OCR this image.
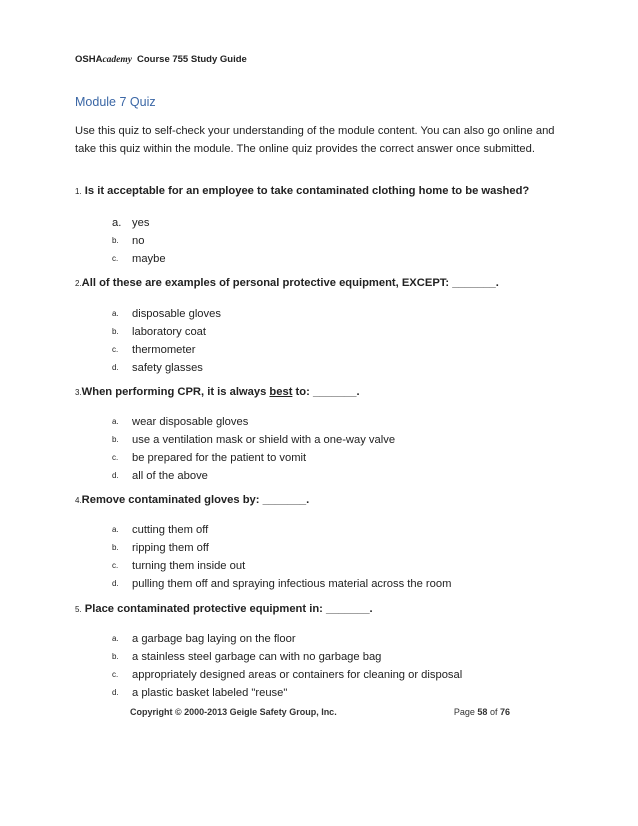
OSHAcademy Course 755 Study Guide
Module 7 Quiz
Use this quiz to self-check your understanding of the module content. You can also go online and take this quiz within the module. The online quiz provides the correct answer once submitted.
1. Is it acceptable for an employee to take contaminated clothing home to be washed?
a. yes
b. no
c. maybe
2.All of these are examples of personal protective equipment, EXCEPT: _______.
a. disposable gloves
b. laboratory coat
c. thermometer
d. safety glasses
3.When performing CPR, it is always best to: _______.
a. wear disposable gloves
b. use a ventilation mask or shield with a one-way valve
c. be prepared for the patient to vomit
d. all of the above
4.Remove contaminated gloves by: _______.
a. cutting them off
b. ripping them off
c. turning them inside out
d. pulling them off and spraying infectious material across the room
5. Place contaminated protective equipment in: _______.
a. a garbage bag laying on the floor
b. a stainless steel garbage can with no garbage bag
c. appropriately designed areas or containers for cleaning or disposal
d. a plastic basket labeled "reuse"
Copyright © 2000-2013 Geigle Safety Group, Inc.	Page 58 of 76
